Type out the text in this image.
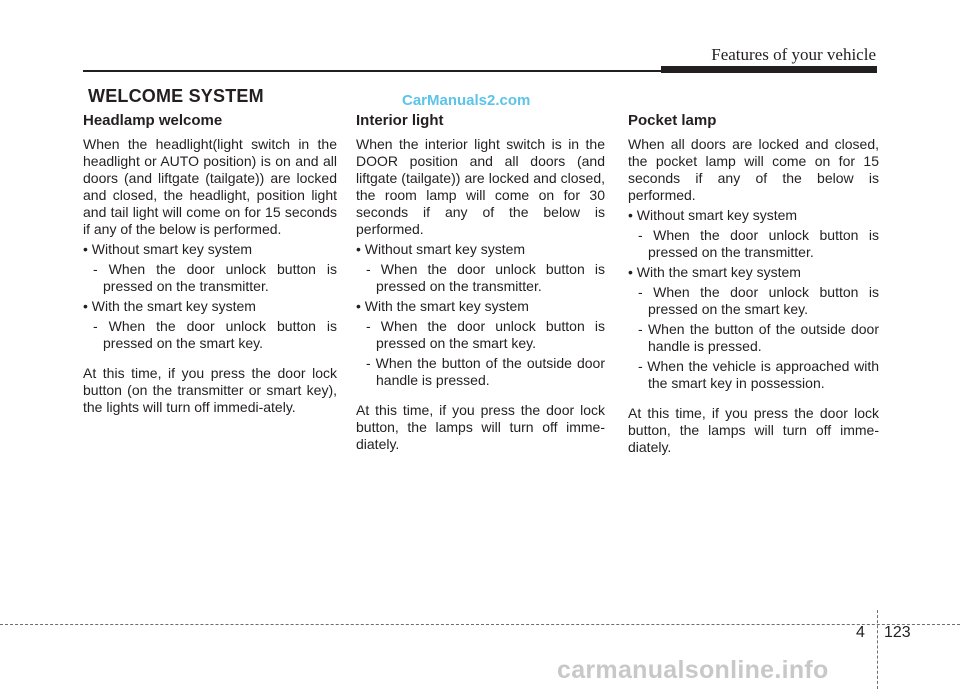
Features of your vehicle
WELCOME SYSTEM	CarManuals2.com
Headlamp welcome

When the headlight(light switch in the headlight or AUTO position) is on and all doors (and liftgate (tailgate)) are locked and closed, the headlight, position light and tail light will come on for 15 seconds if any of the below is performed.

• Without smart key system
- When the door unlock button is pressed on the transmitter.
• With the smart key system
- When the door unlock button is pressed on the smart key.

At this time, if you press the door lock button (on the transmitter or smart key), the lights will turn off immedi-ately.

Interior light

When the interior light switch is in the DOOR position and all doors (and liftgate (tailgate)) are locked and closed, the room lamp will come on for 30 seconds if any of the below is performed.

• Without smart key system
- When the door unlock button is pressed on the transmitter.
• With the smart key system
- When the door unlock button is pressed on the smart key.
- When the button of the outside door handle is pressed.

At this time, if you press the door lock button, the lamps will turn off imme-diately.

Pocket lamp

When all doors are locked and closed, the pocket lamp will come on for 15 seconds if any of the below is performed.

• Without smart key system
- When the door unlock button is pressed on the transmitter.
• With the smart key system
- When the door unlock button is pressed on the smart key.
- When the button of the outside door handle is pressed.
- When the vehicle is approached with the smart key in possession.

At this time, if you press the door lock button, the lamps will turn off imme-diately.

4 123
carmanualsonline.info
